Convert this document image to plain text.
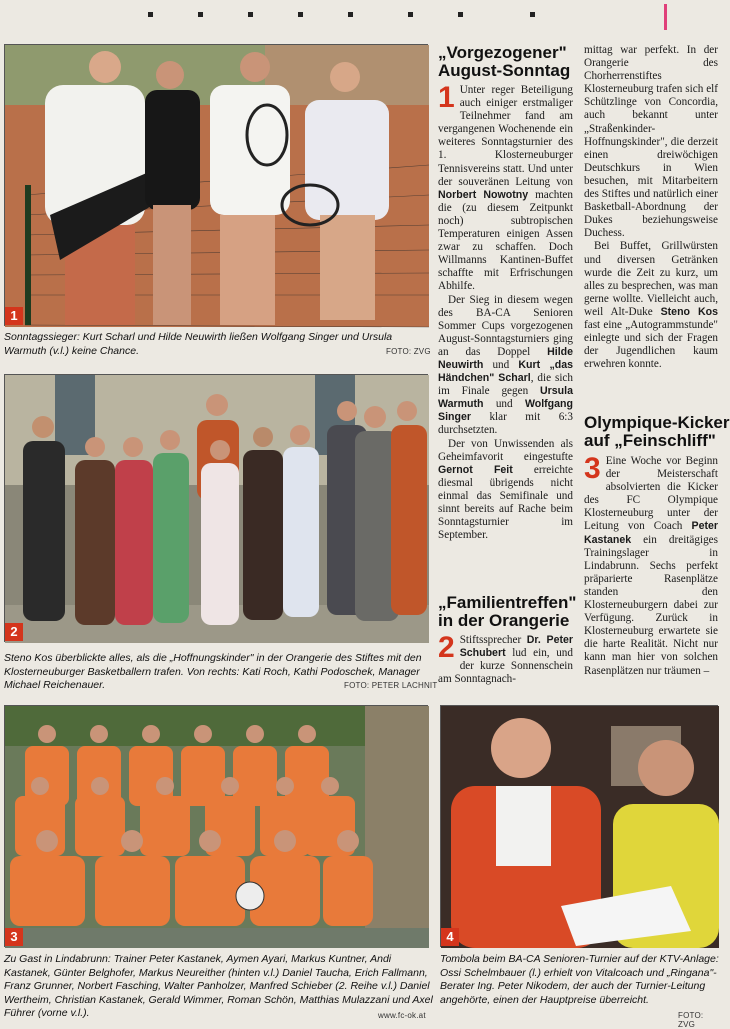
1
Sonntagssieger: Kurt Scharl und Hilde Neuwirth ließen Wolfgang Singer und Ursula Warmuth (v.l.) keine Chance.	FOTO: ZVG
2
Steno Kos überblickte alles, als die „Hoffnungskinder" in der Orangerie des Stiftes mit den Klosterneuburger Basketballern trafen. Von rechts: Kati Roch, Kathi Podoschek, Manager Michael Reichenauer.	FOTO: PETER LACHNIT
3
Zu Gast in Lindabrunn: Trainer Peter Kastanek, Aymen Ayari, Markus Kuntner, Andi Kastanek, Günter Belghofer, Markus Neureither (hinten v.l.) Daniel Taucha, Erich Fallmann, Franz Grunner, Norbert Fasching, Walter Panholzer, Manfred Schieber (2. Reihe v.l.) Daniel Wertheim, Christian Kastanek, Gerald Wimmer, Roman Schön, Matthias Mulazzani und Axel Führer (vorne v.l.).	www.fc-ok.at
4
Tombola beim BA-CA Senioren-Turnier auf der KTV-Anlage: Ossi Schelmbauer (l.) erhielt von Vitalcoach und „Ringana"-Berater Ing. Peter Nikodem, der auch der Turnier-Leitung angehörte, einen der Hauptpreise überreicht.
FOTO: ZVG
„Vorgezogener"
August-Sonntag
1 Unter reger Beteiligung auch einiger erstmaliger Teilnehmer fand am vergangenen Wochenende ein weiteres Sonntagsturnier des 1. Klosterneuburger Tennisvereins statt. Und unter der souveränen Leitung von Norbert Nowotny machten die (zu diesem Zeitpunkt noch) subtropischen Temperaturen einigen Assen zwar zu schaffen. Doch Willmanns Kantinen-Buffet schaffte mit Erfrischungen Abhilfe.

Der Sieg in diesem wegen des BA-CA Senioren Sommer Cups vorgezogenen August-Sonntagsturniers ging an das Doppel Hilde Neuwirth und Kurt „das Händchen" Scharl, die sich im Finale gegen Ursula Warmuth und Wolfgang Singer klar mit 6:3 durchsetzten.

Der von Unwissenden als Geheimfavorit eingestufte Gernot Feit erreichte diesmal übrigends nicht einmal das Semifinale und sinnt bereits auf Rache beim Sonntagsturnier im September.

„Familientreffen"
in der Orangerie
2 Stiftssprecher Dr. Peter Schubert lud ein, und der kurze Sonnenschein am Sonntagnach-
mittag war perfekt. In der Orangerie des Chorherrenstiftes Klosterneuburg trafen sich elf Schützlinge von Concordia, auch bekannt unter „Straßenkinder-Hoffnungskinder", die derzeit einen dreiwöchigen Deutschkurs in Wien besuchen, mit Mitarbeitern des Stiftes und natürlich einer Basketball-Abordnung der Dukes beziehungsweise Duchess.

Bei Buffet, Grillwürsten und diversen Getränken wurde die Zeit zu kurz, um alles zu besprechen, was man gerne wollte. Vielleicht auch, weil Alt-Duke Steno Kos fast eine „Autogrammstunde" einlegte und sich der Fragen der Jugendlichen kaum erwehren konnte.

Olympique-Kicker
auf „Feinschliff"
3 Eine Woche vor Beginn der Meisterschaft absolvierten die Kicker des FC Olympique Klosterneuburg unter der Leitung von Coach Peter Kastanek ein dreitägiges Trainingslager in Lindabrunn. Sechs perfekt präparierte Rasenplätze standen den Klosterneuburgern dabei zur Verfügung. Zurück in Klosterneuburg erwartete sie die harte Realität. Nicht nur kann man hier von solchen Rasenplätzen nur träumen –
